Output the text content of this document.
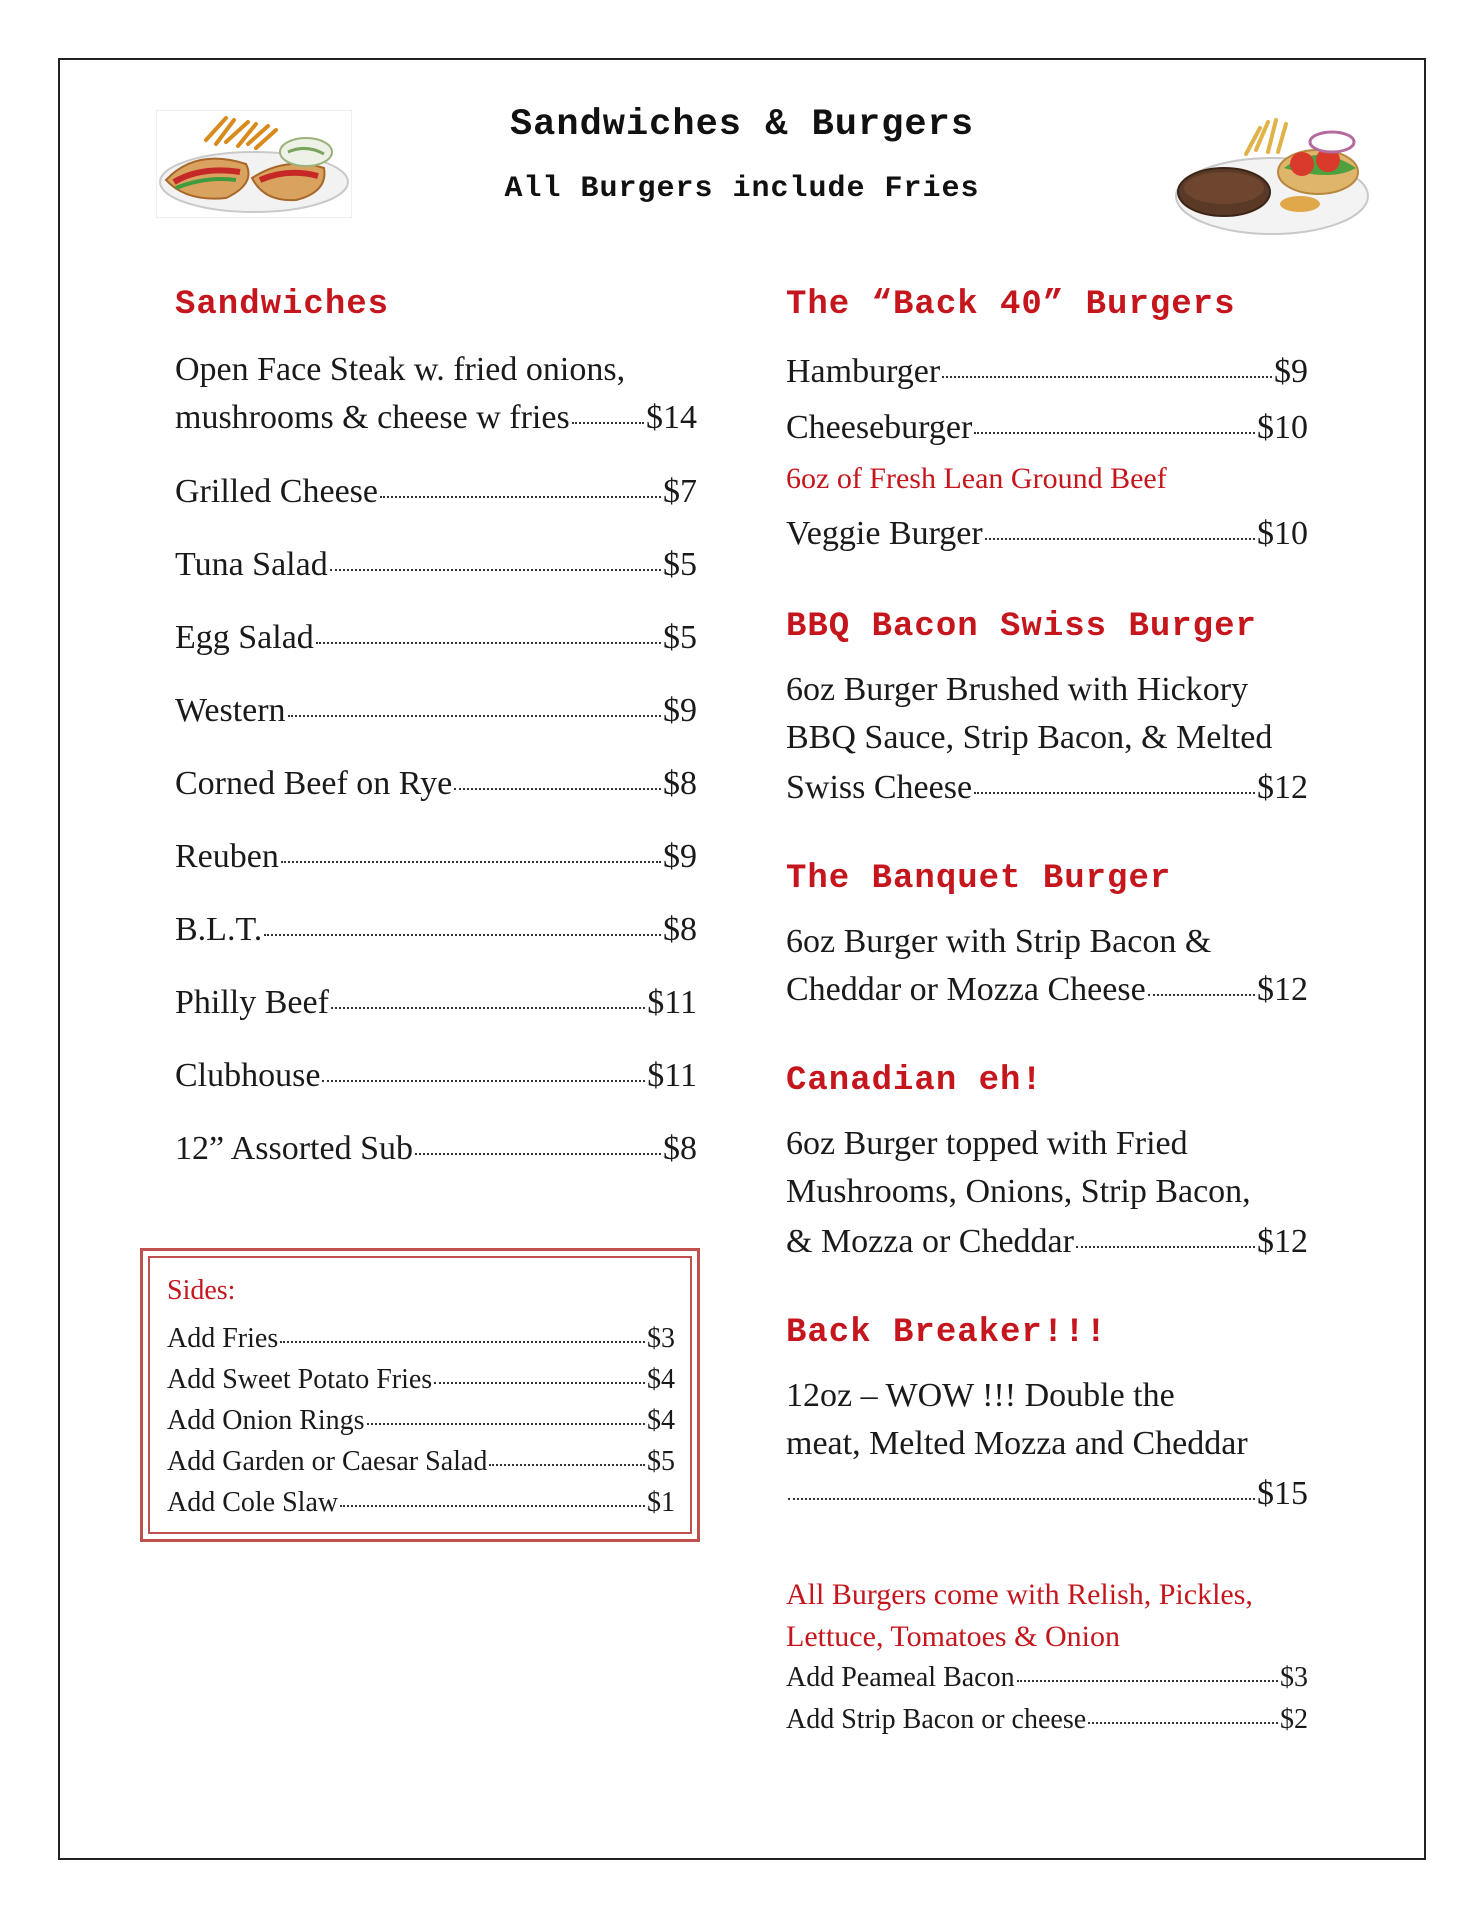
Sandwiches & Burgers
All Burgers include Fries
Sandwiches
Open Face Steak w. fried onions,
mushrooms & cheese w fries $14
Grilled Cheese	$7
Tuna Salad	$5
Egg Salad	$5
Western	$9
Corned Beef on Rye	$8
Reuben	$9
B.L.T.	$8
Philly Beef	$11
Clubhouse	$11
12” Assorted Sub	$8
Sides:
Add Fries	$3
Add Sweet Potato Fries	$4
Add Onion Rings	$4
Add Garden or Caesar Salad	$5
Add Cole Slaw	$1
The “Back 40” Burgers
Hamburger	$9
Cheeseburger	$10
6oz of Fresh Lean Ground Beef
Veggie Burger	$10
BBQ Bacon Swiss Burger
6oz Burger Brushed with Hickory
BBQ Sauce, Strip Bacon, & Melted
Swiss Cheese	$12
The Banquet Burger
6oz Burger with Strip Bacon &
Cheddar or Mozza Cheese	$12
Canadian eh!
6oz Burger topped with Fried
Mushrooms, Onions, Strip Bacon,
& Mozza or Cheddar	$12
Back Breaker!!!
12oz – WOW !!! Double the
meat, Melted Mozza and Cheddar
$15
All Burgers come with Relish, Pickles,
Lettuce, Tomatoes & Onion
Add Peameal Bacon	$3
Add Strip Bacon or cheese	$2
